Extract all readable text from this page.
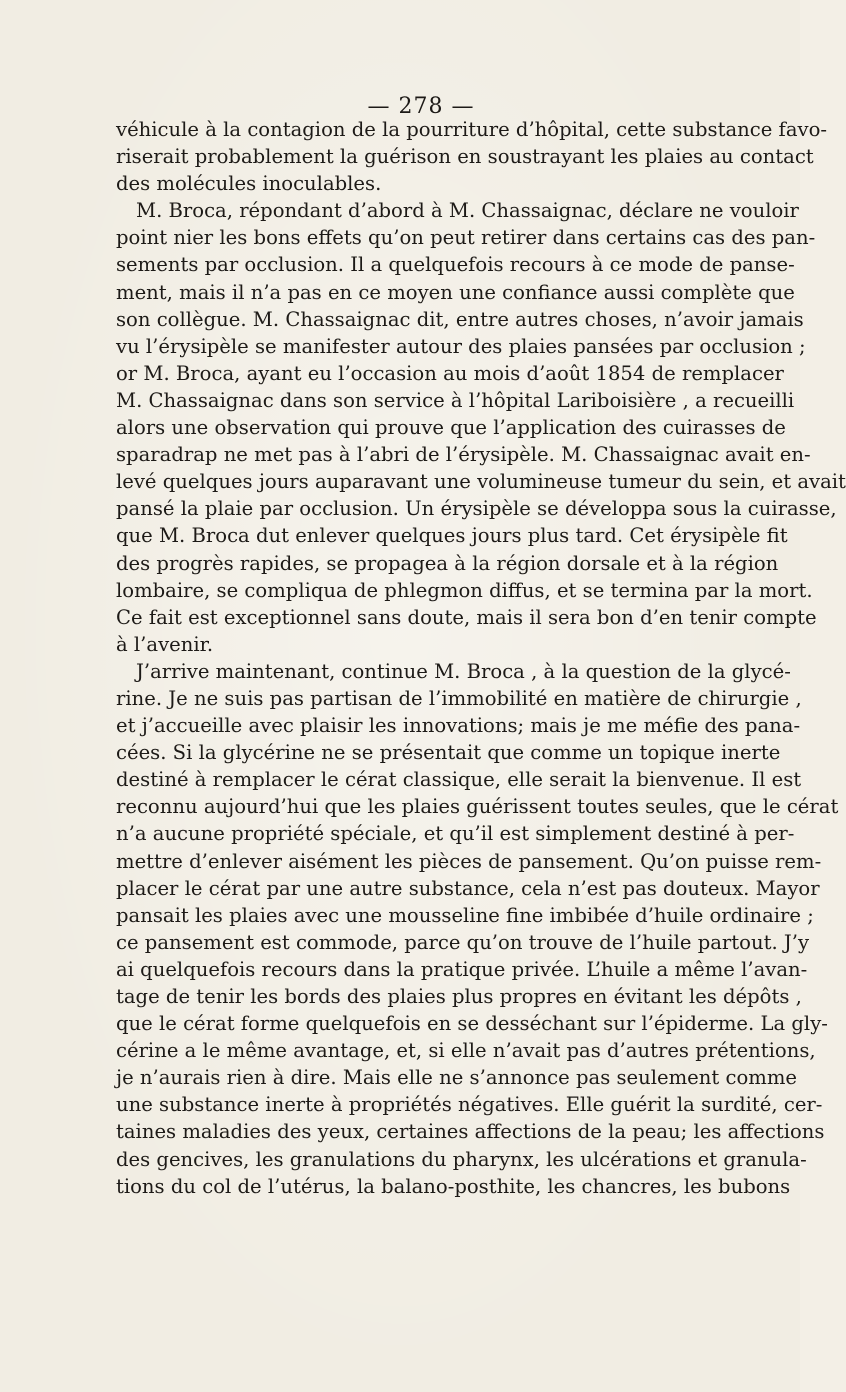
— 278 —
véhicule à la contagion de la pourriture d’hôpital, cette substance favo-
riserait probablement la guérison en soustrayant les plaies au contact
des molécules inoculables.
M. Broca, répondant d’abord à M. Chassaignac, déclare ne vouloir
point nier les bons effets qu’on peut retirer dans certains cas des pan-
sements par occlusion. Il a quelquefois recours à ce mode de panse-
ment, mais il n’a pas en ce moyen une confiance aussi complète que
son collègue. M. Chassaignac dit, entre autres choses, n’avoir jamais
vu l’érysipèle se manifester autour des plaies pansées par occlusion ;
or M. Broca, ayant eu l’occasion au mois d’août 1854 de remplacer
M. Chassaignac dans son service à l’hôpital Lariboisière , a recueilli
alors une observation qui prouve que l’application des cuirasses de
sparadrap ne met pas à l’abri de l’érysipèle. M. Chassaignac avait en-
levé quelques jours auparavant une volumineuse tumeur du sein, et avait
pansé la plaie par occlusion. Un érysipèle se développa sous la cuirasse,
que M. Broca dut enlever quelques jours plus tard. Cet érysipèle fit
des progrès rapides, se propagea à la région dorsale et à la région
lombaire, se compliqua de phlegmon diffus, et se termina par la mort.
Ce fait est exceptionnel sans doute, mais il sera bon d’en tenir compte
à l’avenir.
J’arrive maintenant, continue M. Broca , à la question de la glycé-
rine. Je ne suis pas partisan de l’immobilité en matière de chirurgie ,
et j’accueille avec plaisir les innovations; mais je me méfie des pana-
cées. Si la glycérine ne se présentait que comme un topique inerte
destiné à remplacer le cérat classique, elle serait la bienvenue. Il est
reconnu aujourd’hui que les plaies guérissent toutes seules, que le cérat
n’a aucune propriété spéciale, et qu’il est simplement destiné à per-
mettre d’enlever aisément les pièces de pansement. Qu’on puisse rem-
placer le cérat par une autre substance, cela n’est pas douteux. Mayor
pansait les plaies avec une mousseline fine imbibée d’huile ordinaire ;
ce pansement est commode, parce qu’on trouve de l’huile partout. J’y
ai quelquefois recours dans la pratique privée. L’huile a même l’avan-
tage de tenir les bords des plaies plus propres en évitant les dépôts ,
que le cérat forme quelquefois en se desséchant sur l’épiderme. La gly-
cérine a le même avantage, et, si elle n’avait pas d’autres prétentions,
je n’aurais rien à dire. Mais elle ne s’annonce pas seulement comme
une substance inerte à propriétés négatives. Elle guérit la surdité, cer-
taines maladies des yeux, certaines affections de la peau; les affections
des gencives, les granulations du pharynx, les ulcérations et granula-
tions du col de l’utérus, la balano-posthite, les chancres, les bubons
